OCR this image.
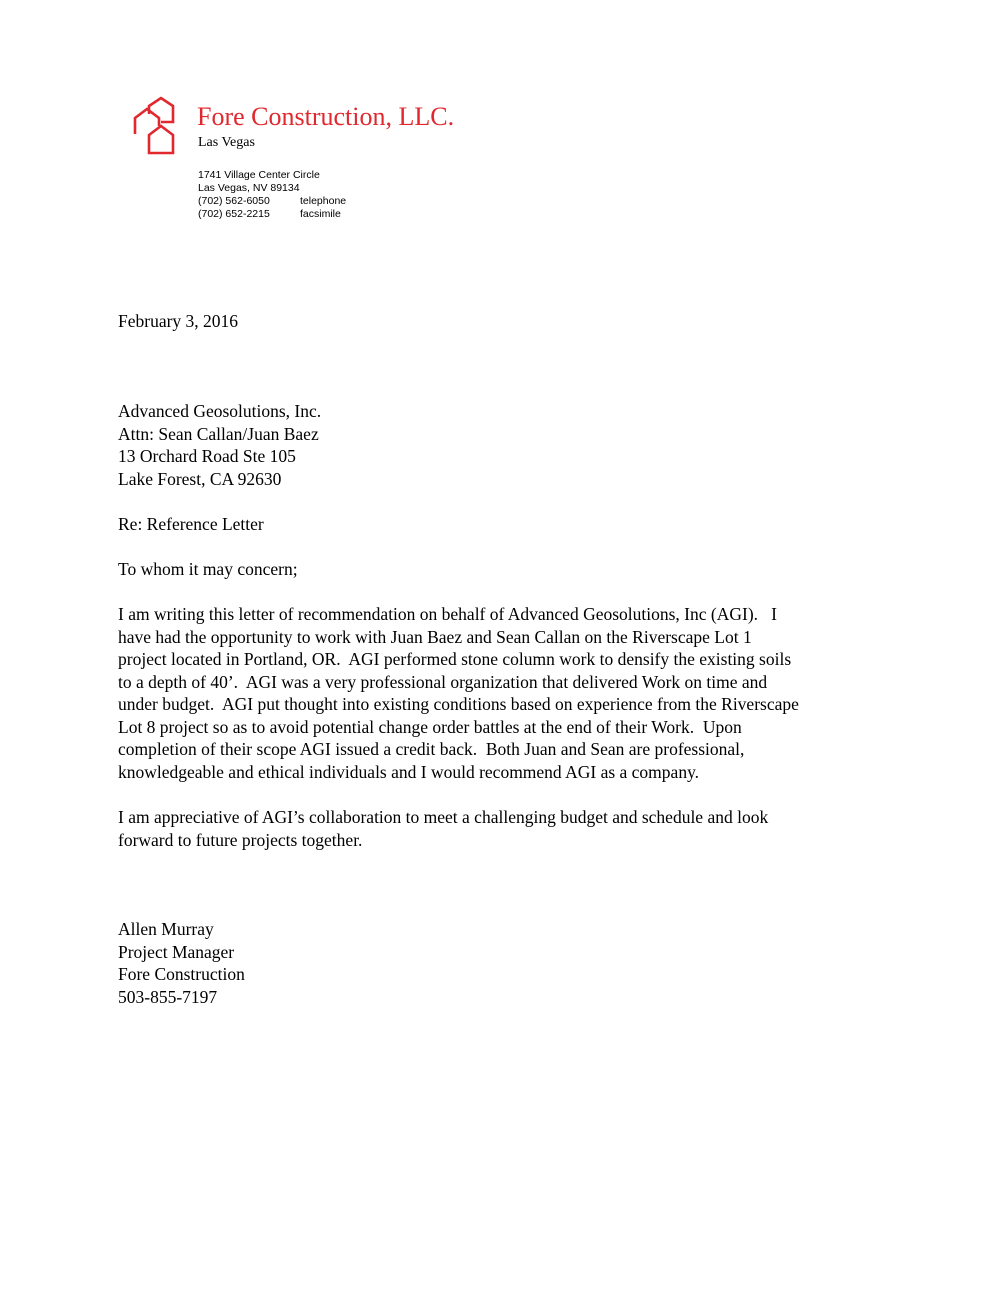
Fore Construction, LLC.
Las Vegas
1741 Village Center Circle
Las Vegas, NV 89134
(702) 562-6050	telephone
(702) 652-2215	facsimile
February 3, 2016
Advanced Geosolutions, Inc.
Attn: Sean Callan/Juan Baez
13 Orchard Road Ste 105
Lake Forest, CA 92630
Re: Reference Letter
To whom it may concern;
I am writing this letter of recommendation on behalf of Advanced Geosolutions, Inc (AGI).   I
have had the opportunity to work with Juan Baez and Sean Callan on the Riverscape Lot 1
project located in Portland, OR.  AGI performed stone column work to densify the existing soils
to a depth of 40’.  AGI was a very professional organization that delivered Work on time and
under budget.  AGI put thought into existing conditions based on experience from the Riverscape
Lot 8 project so as to avoid potential change order battles at the end of their Work.  Upon
completion of their scope AGI issued a credit back.  Both Juan and Sean are professional,
knowledgeable and ethical individuals and I would recommend AGI as a company.
I am appreciative of AGI’s collaboration to meet a challenging budget and schedule and look
forward to future projects together.
Allen Murray
Project Manager
Fore Construction
503-855-7197
